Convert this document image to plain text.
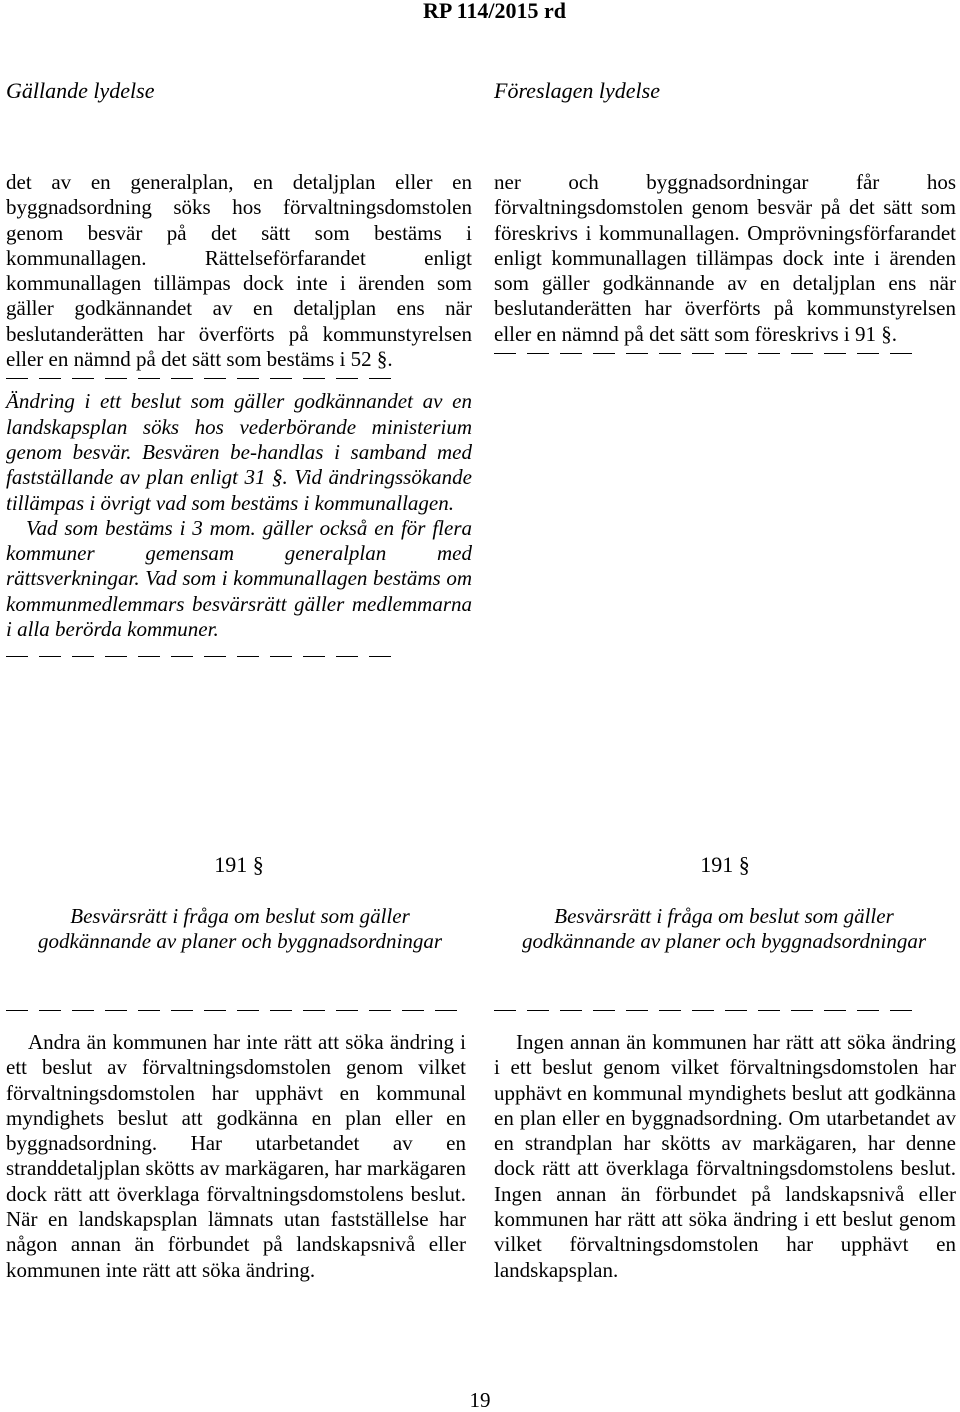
RP 114/2015 rd
Gällande lydelse	Föreslagen lydelse

det av en generalplan, en detaljplan eller en byggnadsordning söks hos förvaltningsdomstolen genom besvär på det sätt som bestäms i kommunallagen. Rättelseförfarandet enligt kommunallagen tillämpas dock inte i ärenden som gäller godkännandet av en detaljplan ens när beslutanderätten har överförts på kommunstyrelsen eller en nämnd på det sätt som bestäms i 52 §.

Ändring i ett beslut som gäller godkännandet av en landskapsplan söks hos vederbörande ministerium genom besvär. Besvären be-handlas i samband med fastställande av plan enligt 31 §. Vid ändringssökande tillämpas i övrigt vad som bestäms i kommunallagen.

Vad som bestäms i 3 mom. gäller också en för flera kommuner gemensam generalplan med rättsverkningar. Vad som i kommunallagen bestäms om kommunmedlemmars besvärsrätt gäller medlemmarna i alla berörda kommuner.

ner och byggnadsordningar får hos förvaltningsdomstolen genom besvär på det sätt som föreskrivs i kommunallagen. Omprövningsförfarandet enligt kommunallagen tillämpas dock inte i ärenden som gäller godkännande av en detaljplan ens när beslutanderätten har överförts på kommunstyrelsen eller en nämnd på det sätt som föreskrivs i 91 §.

191 §
Besvärsrätt i fråga om beslut som gäller godkännande av planer och byggnadsordningar

Andra än kommunen har inte rätt att söka ändring i ett beslut av förvaltningsdomstolen genom vilket förvaltningsdomstolen har upphävt en kommunal myndighets beslut att godkänna en plan eller en byggnadsordning. Har utarbetandet av en stranddetaljplan skötts av markägaren, har markägaren dock rätt att överklaga förvaltningsdomstolens beslut. När en landskapsplan lämnats utan fastställelse har någon annan än förbundet på landskapsnivå eller kommunen inte rätt att söka ändring.

191 §
Besvärsrätt i fråga om beslut som gäller godkännande av planer och byggnadsordningar

Ingen annan än kommunen har rätt att söka ändring i ett beslut genom vilket förvaltningsdomstolen har upphävt en kommunal myndighets beslut att godkänna en plan eller en byggnadsordning. Om utarbetandet av en strandplan har skötts av markägaren, har denne dock rätt att överklaga förvaltningsdomstolens beslut. Ingen annan än förbundet på landskapsnivå eller kommunen har rätt att söka ändring i ett beslut genom vilket förvaltningsdomstolen har upphävt en landskapsplan.

19
